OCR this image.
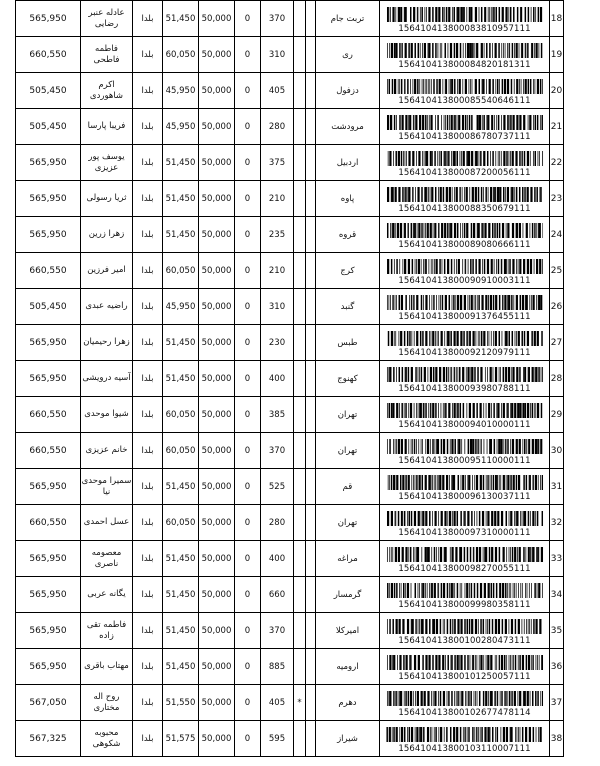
565,950	عادله عنبر رضایی	بلدا	51,450	50,000	0	370			تربت جام	156410413800083810957111	18
660,550	فاطمه فاطحی	بلدا	60,050	50,000	0	310			ری	156410413800084820181311	19
505,450	اکرم شاهوردی	بلدا	45,950	50,000	0	405			دزفول	156410413800085540646111	20
505,450	فریبا پارسا	بلدا	45,950	50,000	0	280			مرودشت	156410413800086780737111	21
565,950	یوسف پور عزیزی	بلدا	51,450	50,000	0	375			اردبیل	156410413800087200056111	22
565,950	ثریا رسولی	بلدا	51,450	50,000	0	210			پاوه	156410413800088350679111	23
565,950	زهرا زرین	بلدا	51,450	50,000	0	235			قروه	156410413800089080666111	24
660,550	امیر فرزین	بلدا	60,050	50,000	0	210			کرج	156410413800090910003111	25
505,450	راضیه عبدی	بلدا	45,950	50,000	0	310			گنبد	156410413800091376455111	26
565,950	زهرا رحیمیان	بلدا	51,450	50,000	0	230			طبس	156410413800092120979111	27
565,950	آسیه درویشی	بلدا	51,450	50,000	0	400			کهنوج	156410413800093980788111	28
660,550	شیوا موحدی	بلدا	60,050	50,000	0	385			تهران	156410413800094010000111	29
660,550	خانم عزیزی	بلدا	60,050	50,000	0	370			تهران	156410413800095110000111	30
565,950	سمیرا موحدی نیا	بلدا	51,450	50,000	0	525			قم	156410413800096130037111	31
660,550	عسل احمدی	بلدا	60,050	50,000	0	280			تهران	156410413800097310000111	32
565,950	معصومه ناصری	بلدا	51,450	50,000	0	400			مراغه	156410413800098270055111	33
565,950	یگانه عربی	بلدا	51,450	50,000	0	660			گرمسار	156410413800099980358111	34
565,950	فاطمه تقی زاده	بلدا	51,450	50,000	0	370			امیرکلا	156410413800100280473111	35
565,950	مهتاب باقری	بلدا	51,450	50,000	0	885			ارومیه	156410413800101250057111	36
567,050	روح اله مختاری	بلدا	51,550	50,000	0	405	*		دهرم	156410413800102677478114	37
567,325	محبوبه شکوهی	بلدا	51,575	50,000	0	595			شیراز	156410413800103110007111	38
